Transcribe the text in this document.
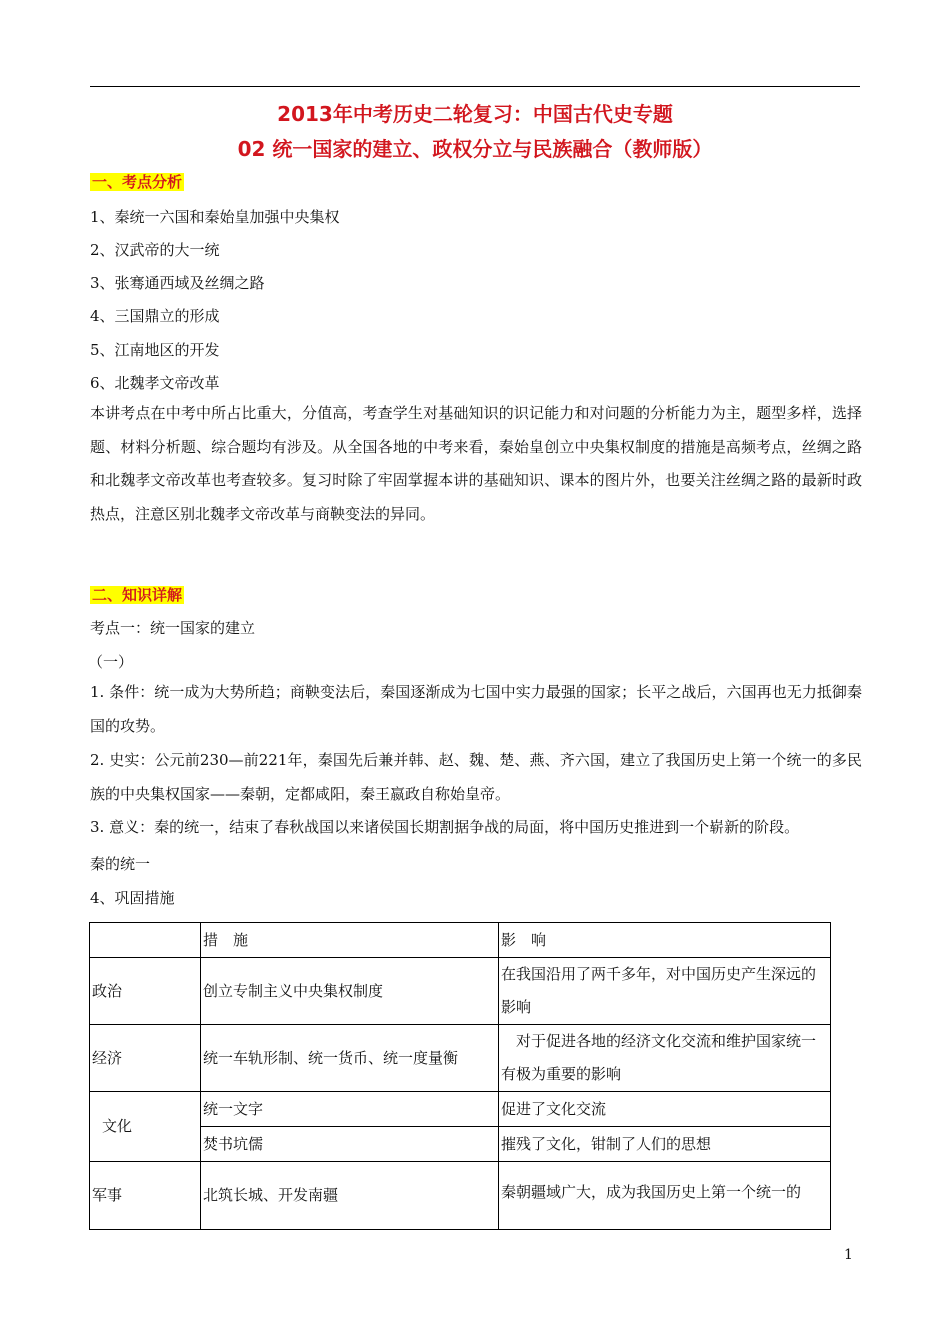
2013年中考历史二轮复习：中国古代史专题
02 统一国家的建立、政权分立与民族融合（教师版）
一、考点分析
1、秦统一六国和秦始皇加强中央集权
2、汉武帝的大一统
3、张骞通西域及丝绸之路
4、三国鼎立的形成
5、江南地区的开发
6、北魏孝文帝改革
本讲考点在中考中所占比重大，分值高，考查学生对基础知识的识记能力和对问题的分析能力为主，题型多样，选择题、材料分析题、综合题均有涉及。从全国各地的中考来看，秦始皇创立中央集权制度的措施是高频考点，丝绸之路和北魏孝文帝改革也考查较多。复习时除了牢固掌握本讲的基础知识、课本的图片外，也要关注丝绸之路的最新时政热点，注意区别北魏孝文帝改革与商鞅变法的异同。
二、知识详解
考点一：统一国家的建立
（一）
1. 条件：统一成为大势所趋；商鞅变法后，秦国逐渐成为七国中实力最强的国家；长平之战后，六国再也无力抵御秦国的攻势。
2. 史实：公元前230—前221年，秦国先后兼并韩、赵、魏、楚、燕、齐六国，建立了我国历史上第一个统一的多民族的中央集权国家——秦朝，定都咸阳，秦王嬴政自称始皇帝。
3. 意义：秦的统一，结束了春秋战国以来诸侯国长期割据争战的局面，将中国历史推进到一个崭新的阶段。
秦的统一
4、巩固措施
	措　施	影　响
政治	创立专制主义中央集权制度	在我国沿用了两千多年，对中国历史产生深远的影响
经济	统一车轨形制、统一货币、统一度量衡	　对于促进各地的经济文化交流和维护国家统一有极为重要的影响
文化	统一文字	促进了文化交流
	焚书坑儒	摧残了文化，钳制了人们的思想
军事	北筑长城、开发南疆	秦朝疆域广大，成为我国历史上第一个统一的
1
